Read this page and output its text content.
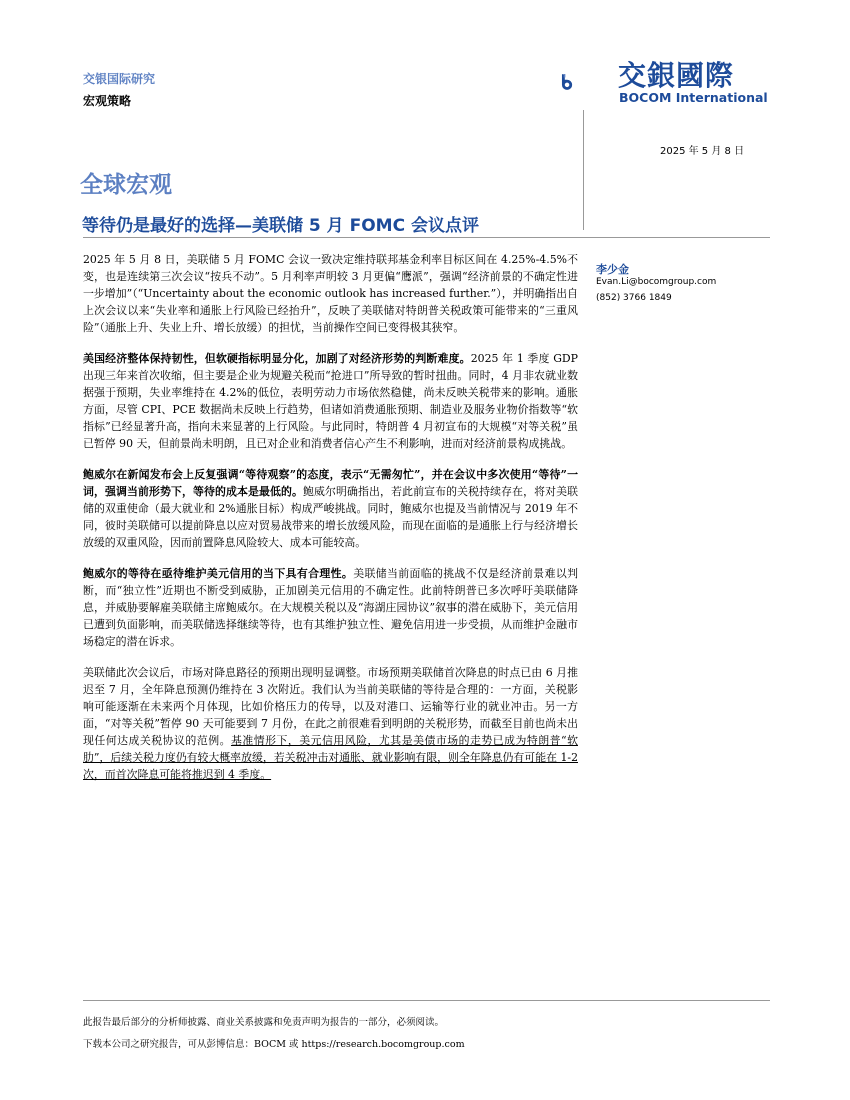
交银国际研究
宏观策略
交銀國際
BOCOM International
2025 年 5 月 8 日
全球宏观
等待仍是最好的选择—美联储 5 月 FOMC 会议点评

2025 年 5 月 8 日，美联储 5 月 FOMC 会议一致决定维持联邦基金利率目标区间在 4.25%-4.5%不变，也是连续第三次会议“按兵不动”。5 月利率声明较 3 月更偏“鹰派”，强调“经济前景的不确定性进一步增加”（“Uncertainty about the economic outlook has increased further.”），并明确指出自上次会议以来“失业率和通胀上行风险已经抬升”，反映了美联储对特朗普关税政策可能带来的“三重风险”（通胀上升、失业上升、增长放缓）的担忧，当前操作空间已变得极其狭窄。

美国经济整体保持韧性，但软硬指标明显分化，加剧了对经济形势的判断难度。2025 年 1 季度 GDP 出现三年来首次收缩，但主要是企业为规避关税而“抢进口”所导致的暂时扭曲。同时，4 月非农就业数据强于预期，失业率维持在 4.2%的低位，表明劳动力市场依然稳健，尚未反映关税带来的影响。通胀方面，尽管 CPI、PCE 数据尚未反映上行趋势，但诸如消费通胀预期、制造业及服务业物价指数等“软指标”已经显著升高，指向未来显著的上行风险。与此同时，特朗普 4 月初宣布的大规模“对等关税”虽已暂停 90 天，但前景尚未明朗，且已对企业和消费者信心产生不利影响，进而对经济前景构成挑战。

鲍威尔在新闻发布会上反复强调“等待观察”的态度，表示“无需匆忙”，并在会议中多次使用“等待”一词，强调当前形势下，等待的成本是最低的。鲍威尔明确指出，若此前宣布的关税持续存在，将对美联储的双重使命（最大就业和 2%通胀目标）构成严峻挑战。同时，鲍威尔也提及当前情况与 2019 年不同，彼时美联储可以提前降息以应对贸易战带来的增长放缓风险，而现在面临的是通胀上行与经济增长放缓的双重风险，因而前置降息风险较大、成本可能较高。

鲍威尔的等待在亟待维护美元信用的当下具有合理性。美联储当前面临的挑战不仅是经济前景难以判断，而“独立性”近期也不断受到威胁，正加剧美元信用的不确定性。此前特朗普已多次呼吁美联储降息，并威胁要解雇美联储主席鲍威尔。在大规模关税以及“海湖庄园协议”叙事的潜在威胁下，美元信用已遭到负面影响，而美联储选择继续等待，也有其维护独立性、避免信用进一步受损，从而维护金融市场稳定的潜在诉求。

美联储此次会议后，市场对降息路径的预期出现明显调整。市场预期美联储首次降息的时点已由 6 月推迟至 7 月，全年降息预测仍维持在 3 次附近。我们认为当前美联储的等待是合理的：一方面，关税影响可能逐渐在未来两个月体现，比如价格压力的传导，以及对港口、运输等行业的就业冲击。另一方面，“对等关税”暂停 90 天可能要到 7 月份，在此之前很难看到明朗的关税形势，而截至目前也尚未出现任何达成关税协议的范例。基准情形下，美元信用风险，尤其是美债市场的走势已成为特朗普“软肋”，后续关税力度仍有较大概率放缓，若关税冲击对通胀、就业影响有限，则全年降息仍有可能在 1-2 次，而首次降息可能将推迟到 4 季度。

李少金
Evan.Li@bocomgroup.com
(852) 3766 1849
此报告最后部分的分析师披露、商业关系披露和免责声明为报告的一部分，必须阅读。
下载本公司之研究报告，可从彭博信息：BOCM 或 https://research.bocomgroup.com
